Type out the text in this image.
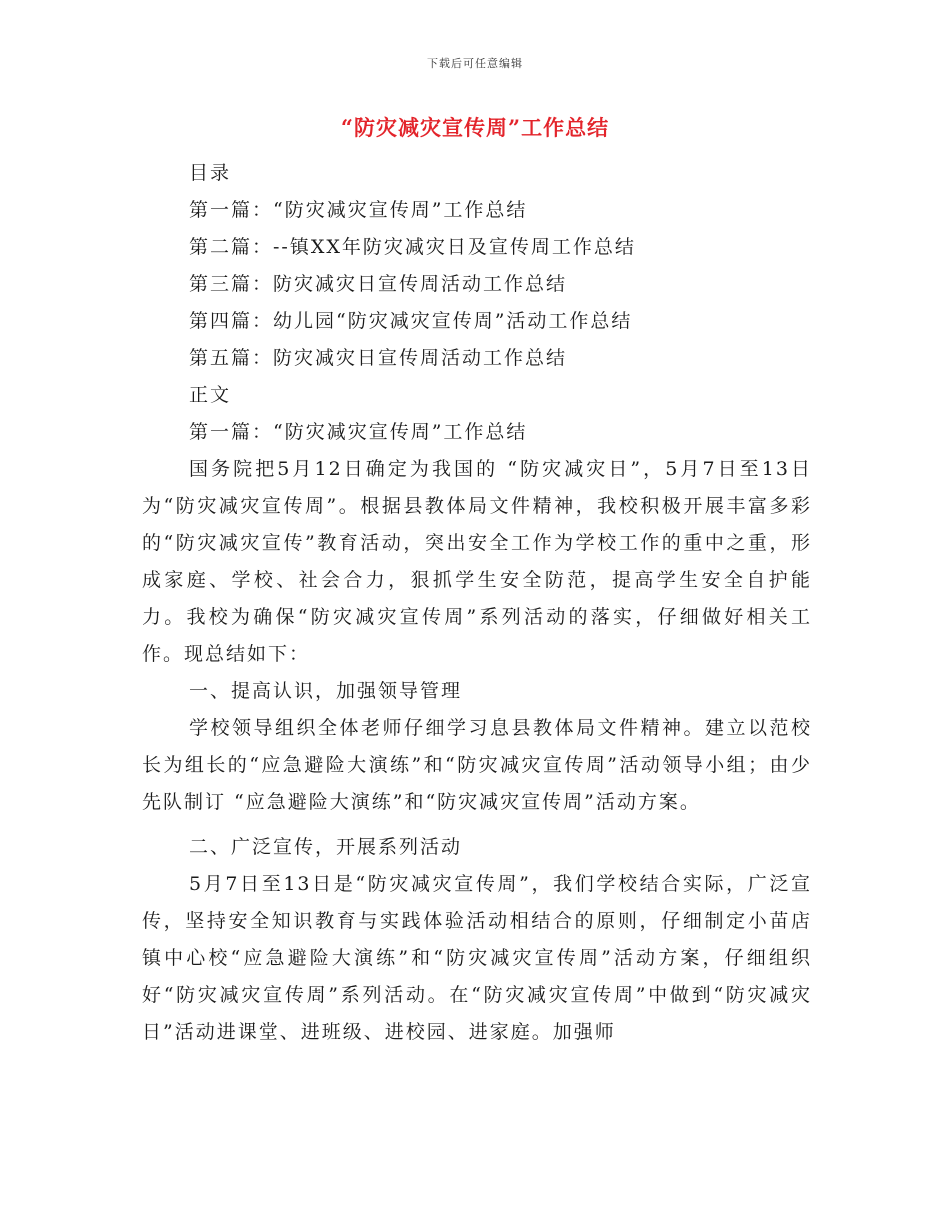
下载后可任意编辑
“防灾减灾宣传周”工作总结

目录

第一篇：“防灾减灾宣传周”工作总结

第二篇：--镇XX年防灾减灾日及宣传周工作总结

第三篇：防灾减灾日宣传周活动工作总结

第四篇：幼儿园“防灾减灾宣传周”活动工作总结

第五篇：防灾减灾日宣传周活动工作总结

正文

第一篇：“防灾减灾宣传周”工作总结

国务院把5月12日确定为我国的 “防灾减灾日”，5月7日至13日为“防灾减灾宣传周”。根据县教体局文件精神，我校积极开展丰富多彩的“防灾减灾宣传”教育活动，突出安全工作为学校工作的重中之重，形成家庭、学校、社会合力，狠抓学生安全防范，提高学生安全自护能力。我校为确保“防灾减灾宣传周”系列活动的落实，仔细做好相关工作。现总结如下：

一、提高认识，加强领导管理

学校领导组织全体老师仔细学习息县教体局文件精神。建立以范校长为组长的“应急避险大演练”和“防灾减灾宣传周”活动领导小组；由少先队制订 “应急避险大演练”和“防灾减灾宣传周”活动方案。

二、广泛宣传，开展系列活动

5月7日至13日是“防灾减灾宣传周”，我们学校结合实际，广泛宣传，坚持安全知识教育与实践体验活动相结合的原则，仔细制定小苗店镇中心校“应急避险大演练”和“防灾减灾宣传周”活动方案，仔细组织好“防灾减灾宣传周”系列活动。在“防灾减灾宣传周”中做到“防灾减灾日”活动进课堂、进班级、进校园、进家庭。加强师
